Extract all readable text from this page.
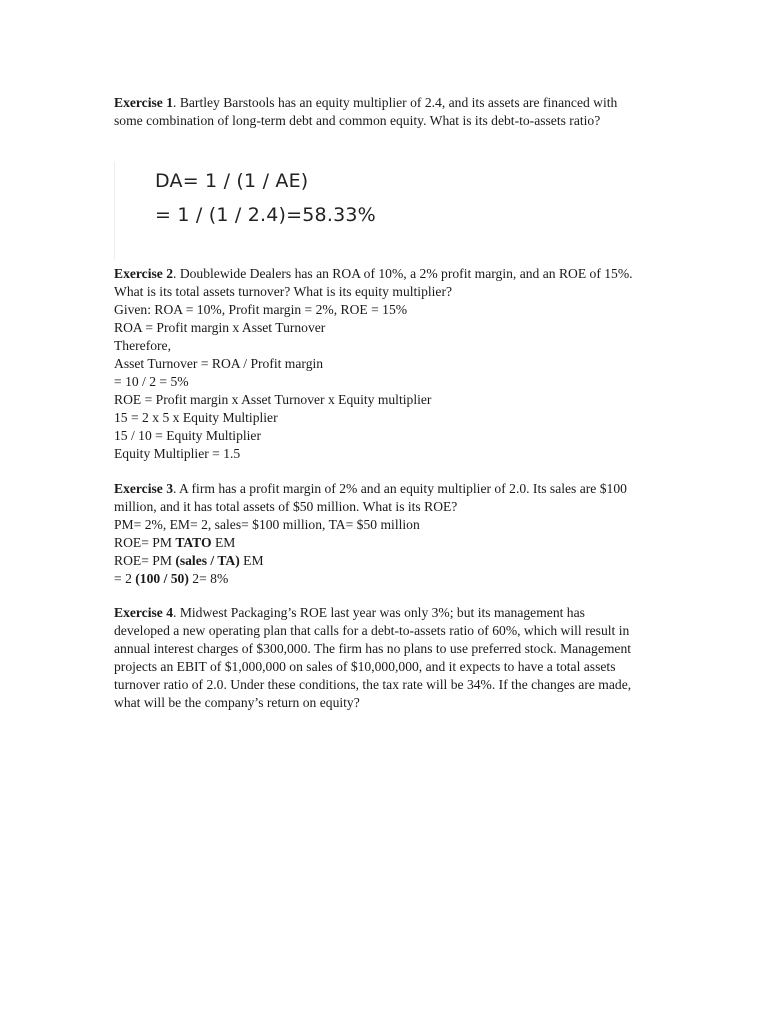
Exercise 1. Bartley Barstools has an equity multiplier of 2.4, and its assets are financed with some combination of long-term debt and common equity. What is its debt-to-assets ratio?

DA= 1 / (1 / AE)
= 1 / (1 / 2.4)=58.33%

Exercise 2. Doublewide Dealers has an ROA of 10%, a 2% profit margin, and an ROE of 15%. What is its total assets turnover? What is its equity multiplier?

Given: ROA = 10%, Profit margin = 2%, ROE = 15%

ROA = Profit margin x Asset Turnover

Therefore,

Asset Turnover = ROA / Profit margin

= 10 / 2 = 5%

ROE = Profit margin x Asset Turnover x Equity multiplier

15 = 2 x 5 x Equity Multiplier

15 / 10 = Equity Multiplier

Equity Multiplier = 1.5

Exercise 3. A firm has a profit margin of 2% and an equity multiplier of 2.0. Its sales are $100 million, and it has total assets of $50 million. What is its ROE?

PM= 2%, EM= 2, sales= $100 million, TA= $50 million

ROE= PM TATO EM

ROE= PM (sales / TA) EM

= 2 (100 / 50) 2= 8%

Exercise 4. Midwest Packaging’s ROE last year was only 3%; but its management has developed a new operating plan that calls for a debt-to-assets ratio of 60%, which will result in annual interest charges of $300,000. The firm has no plans to use preferred stock. Management projects an EBIT of $1,000,000 on sales of $10,000,000, and it expects to have a total assets turnover ratio of 2.0. Under these conditions, the tax rate will be 34%. If the changes are made, what will be the company’s return on equity?
